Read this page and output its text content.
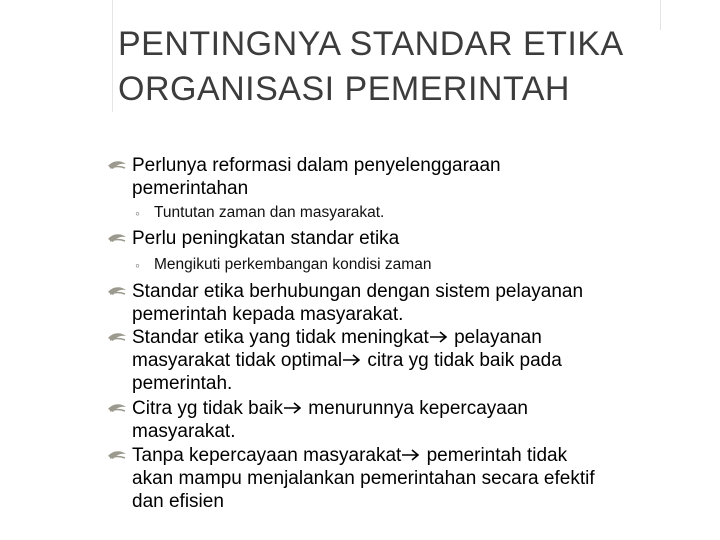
PENTINGNYA STANDAR ETIKA
ORGANISASI PEMERINTAH
Perlunya reformasi dalam penyelenggaraan
pemerintahan
◦ Tuntutan zaman dan masyarakat.
Perlu peningkatan standar etika
◦ Mengikuti perkembangan kondisi zaman
Standar etika berhubungan dengan sistem pelayanan
pemerintah kepada masyarakat.
Standar etika yang tidak meningkat pelayanan
masyarakat tidak optimal citra yg tidak baik pada
pemerintah.
Citra yg tidak baik menurunnya kepercayaan
masyarakat.
Tanpa kepercayaan masyarakat pemerintah tidak
akan mampu menjalankan pemerintahan secara efektif
dan efisien
